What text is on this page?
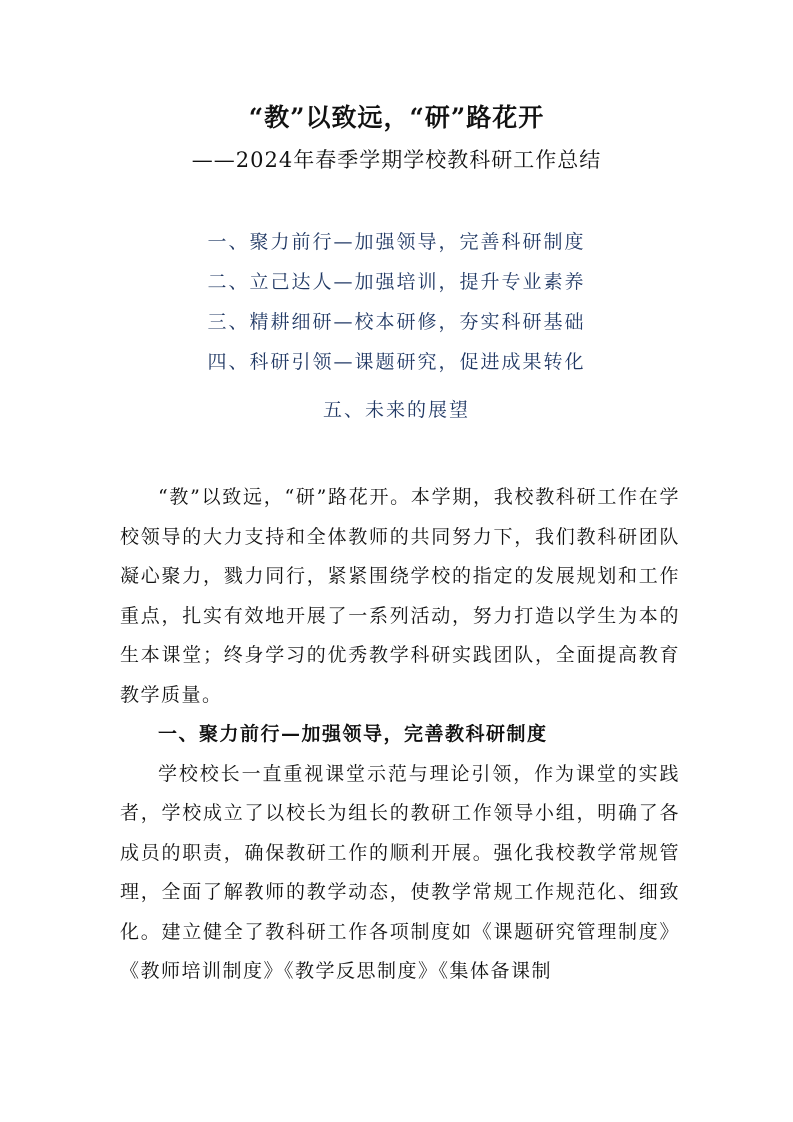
“教”以致远，“研”路花开
——2024年春季学期学校教科研工作总结
一、聚力前行—加强领导，完善科研制度
二、立己达人—加强培训，提升专业素养
三、精耕细研—校本研修，夯实科研基础
四、科研引领—课题研究，促进成果转化
五、未来的展望

“教”以致远，“研”路花开。本学期，我校教科研工作在学校领导的大力支持和全体教师的共同努力下，我们教科研团队凝心聚力，戮力同行，紧紧围绕学校的指定的发展规划和工作重点，扎实有效地开展了一系列活动，努力打造以学生为本的生本课堂；终身学习的优秀教学科研实践团队，全面提高教育教学质量。

一、聚力前行—加强领导，完善教科研制度

学校校长一直重视课堂示范与理论引领，作为课堂的实践者，学校成立了以校长为组长的教研工作领导小组，明确了各成员的职责，确保教研工作的顺利开展。强化我校教学常规管理，全面了解教师的教学动态，使教学常规工作规范化、细致化。建立健全了教科研工作各项制度如《课题研究管理制度》《教师培训制度》《教学反思制度》《集体备课制
